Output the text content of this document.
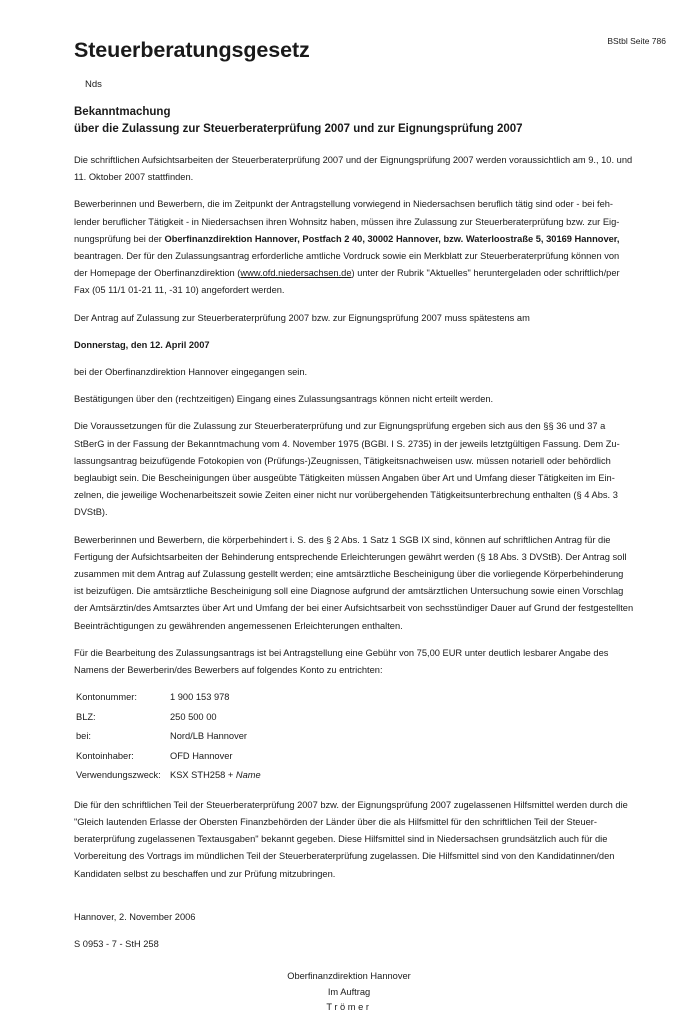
BStbl Seite 786
Steuerberatungsgesetz
Nds
Bekanntmachung
über die Zulassung zur Steuerberaterprüfung 2007 und zur Eignungsprüfung 2007

Die schriftlichen Aufsichtsarbeiten der Steuerberaterprüfung 2007 und der Eignungsprüfung 2007 werden voraussichtlich am 9., 10. und 11. Oktober 2007 stattfinden.

Bewerberinnen und Bewerbern, die im Zeitpunkt der Antragstellung vorwiegend in Niedersachsen beruflich tätig sind oder - bei fehlender beruflicher Tätigkeit - in Niedersachsen ihren Wohnsitz haben, müssen ihre Zulassung zur Steuerberaterprüfung bzw. zur Eignungsprüfung bei der Oberfinanzdirektion Hannover, Postfach 2 40, 30002 Hannover, bzw. Waterloostraße 5, 30169 Hannover, beantragen. Der für den Zulassungsantrag erforderliche amtliche Vordruck sowie ein Merkblatt zur Steuerberaterprüfung können von der Homepage der Oberfinanzdirektion (www.ofd.niedersachsen.de) unter der Rubrik "Aktuelles" heruntergeladen oder schriftlich/per Fax (05 11/1 01-21 11, -31 10) angefordert werden.

Der Antrag auf Zulassung zur Steuerberaterprüfung 2007 bzw. zur Eignungsprüfung 2007 muss spätestens am

Donnerstag, den 12. April 2007

bei der Oberfinanzdirektion Hannover eingegangen sein.

Bestätigungen über den (rechtzeitigen) Eingang eines Zulassungsantrags können nicht erteilt werden.

Die Voraussetzungen für die Zulassung zur Steuerberaterprüfung und zur Eignungsprüfung ergeben sich aus den §§ 36 und 37 a StBerG in der Fassung der Bekanntmachung vom 4. November 1975 (BGBl. I S. 2735) in der jeweils letztgültigen Fassung. Dem Zulassungsantrag beizufügende Fotokopien von (Prüfungs-)Zeugnissen, Tätigkeitsnachweisen usw. müssen notariell oder behördlich beglaubigt sein. Die Bescheinigungen über ausgeübte Tätigkeiten müssen Angaben über Art und Umfang dieser Tätigkeiten im Einzelnen, die jeweilige Wochenarbeitszeit sowie Zeiten einer nicht nur vorübergehenden Tätigkeitsunterbrechung enthalten (§ 4 Abs. 3 DVStB).

Bewerberinnen und Bewerbern, die körperbehindert i. S. des § 2 Abs. 1 Satz 1 SGB IX sind, können auf schriftlichen Antrag für die Fertigung der Aufsichtsarbeiten der Behinderung entsprechende Erleichterungen gewährt werden (§ 18 Abs. 3 DVStB). Der Antrag soll zusammen mit dem Antrag auf Zulassung gestellt werden; eine amtsärztliche Bescheinigung über die vorliegende Körperbehinderung ist beizufügen. Die amtsärztliche Bescheinigung soll eine Diagnose aufgrund der amtsärztlichen Untersuchung sowie einen Vorschlag der Amtsärztin/des Amtsarztes über Art und Umfang der bei einer Aufsichtsarbeit von sechsstündiger Dauer auf Grund der festgestellten Beeinträchtigungen zu gewährenden angemessenen Erleichterungen enthalten.

Für die Bearbeitung des Zulassungsantrags ist bei Antragstellung eine Gebühr von 75,00 EUR unter deutlich lesbarer Angabe des Namens der Bewerberin/des Bewerbers auf folgendes Konto zu entrichten:

Kontonummer:	1 900 153 978
BLZ:	250 500 00
bei:	Nord/LB Hannover
Kontoinhaber:	OFD Hannover
Verwendungszweck:	KSX STH258 + Name

Die für den schriftlichen Teil der Steuerberaterprüfung 2007 bzw. der Eignungsprüfung 2007 zugelassenen Hilfsmittel werden durch die "Gleich lautenden Erlasse der Obersten Finanzbehörden der Länder über die als Hilfsmittel für den schriftlichen Teil der Steuerberaterprüfung zugelassenen Textausgaben" bekannt gegeben. Diese Hilfsmittel sind in Niedersachsen grundsätzlich auch für die Vorbereitung des Vortrags im mündlichen Teil der Steuerberaterprüfung zugelassen. Die Hilfsmittel sind von den Kandidatinnen/den Kandidaten selbst zu beschaffen und zur Prüfung mitzubringen.

Hannover, 2. November 2006

S 0953 - 7 - StH 258

Oberfinanzdirektion Hannover
Im Auftrag
Trömer
